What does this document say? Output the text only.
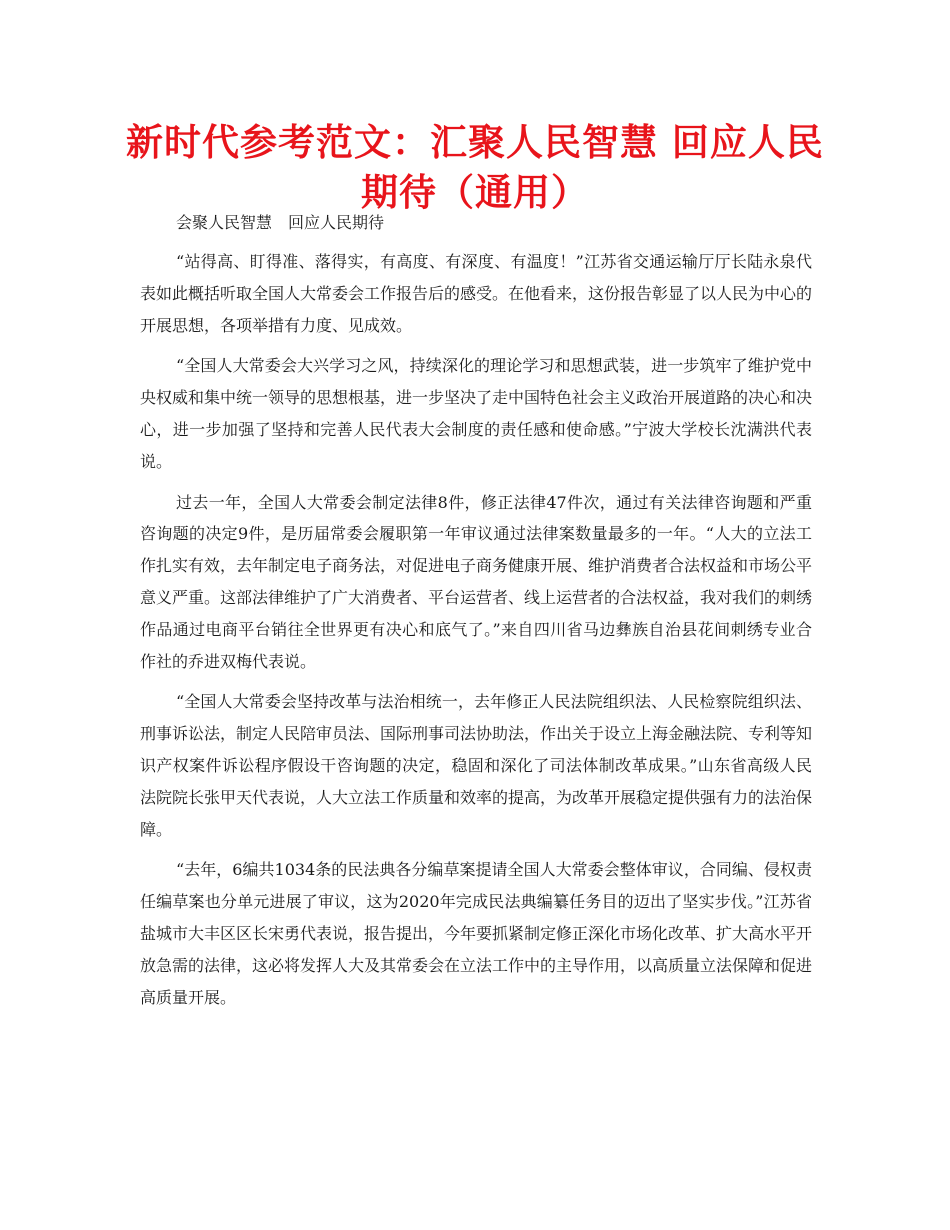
新时代参考范文：汇聚人民智慧 回应人民期待（通用）

会聚人民智慧　回应人民期待

“站得高、盯得准、落得实，有高度、有深度、有温度！”江苏省交通运输厅厅长陆永泉代表如此概括听取全国人大常委会工作报告后的感受。在他看来，这份报告彰显了以人民为中心的开展思想，各项举措有力度、见成效。

“全国人大常委会大兴学习之风，持续深化的理论学习和思想武装，进一步筑牢了维护党中央权威和集中统一领导的思想根基，进一步坚决了走中国特色社会主义政治开展道路的决心和决心，进一步加强了坚持和完善人民代表大会制度的责任感和使命感。”宁波大学校长沈满洪代表说。

过去一年，全国人大常委会制定法律8件，修正法律47件次，通过有关法律咨询题和严重咨询题的决定9件，是历届常委会履职第一年审议通过法律案数量最多的一年。“人大的立法工作扎实有效，去年制定电子商务法，对促进电子商务健康开展、维护消费者合法权益和市场公平意义严重。这部法律维护了广大消费者、平台运营者、线上运营者的合法权益，我对我们的刺绣作品通过电商平台销往全世界更有决心和底气了。”来自四川省马边彝族自治县花间刺绣专业合作社的乔进双梅代表说。

“全国人大常委会坚持改革与法治相统一，去年修正人民法院组织法、人民检察院组织法、刑事诉讼法，制定人民陪审员法、国际刑事司法协助法，作出关于设立上海金融法院、专利等知识产权案件诉讼程序假设干咨询题的决定，稳固和深化了司法体制改革成果。”山东省高级人民法院院长张甲天代表说，人大立法工作质量和效率的提高，为改革开展稳定提供强有力的法治保障。

“去年，6编共1034条的民法典各分编草案提请全国人大常委会整体审议，合同编、侵权责任编草案也分单元进展了审议，这为2020年完成民法典编纂任务目的迈出了坚实步伐。”江苏省盐城市大丰区区长宋勇代表说，报告提出，今年要抓紧制定修正深化市场化改革、扩大高水平开放急需的法律，这必将发挥人大及其常委会在立法工作中的主导作用，以高质量立法保障和促进高质量开展。
